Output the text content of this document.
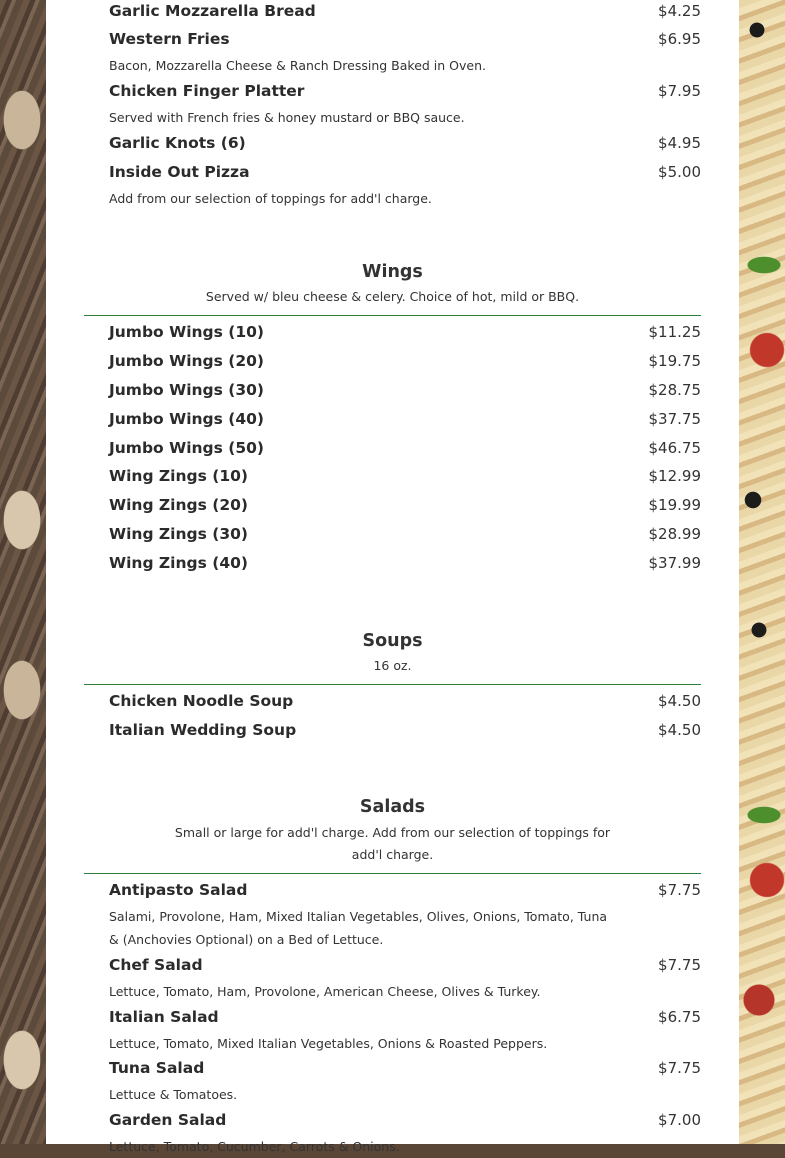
Garlic Mozzarella Bread	$4.25
Western Fries	$6.95
Bacon, Mozzarella Cheese & Ranch Dressing Baked in Oven.
Chicken Finger Platter	$7.95
Served with French fries & honey mustard or BBQ sauce.
Garlic Knots (6)	$4.95
Inside Out Pizza	$5.00
Add from our selection of toppings for add'l charge.
Wings
Served w/ bleu cheese & celery. Choice of hot, mild or BBQ.
Jumbo Wings (10)	$11.25
Jumbo Wings (20)	$19.75
Jumbo Wings (30)	$28.75
Jumbo Wings (40)	$37.75
Jumbo Wings (50)	$46.75
Wing Zings (10)	$12.99
Wing Zings (20)	$19.99
Wing Zings (30)	$28.99
Wing Zings (40)	$37.99
Soups
16 oz.
Chicken Noodle Soup	$4.50
Italian Wedding Soup	$4.50
Salads
Small or large for add'l charge. Add from our selection of toppings for add'l charge.
Antipasto Salad	$7.75
Salami, Provolone, Ham, Mixed Italian Vegetables, Olives, Onions, Tomato, Tuna & (Anchovies Optional) on a Bed of Lettuce.
Chef Salad	$7.75
Lettuce, Tomato, Ham, Provolone, American Cheese, Olives & Turkey.
Italian Salad	$6.75
Lettuce, Tomato, Mixed Italian Vegetables, Onions & Roasted Peppers.
Tuna Salad	$7.75
Lettuce & Tomatoes.
Garden Salad	$7.00
Lettuce, Tomato, Cucumber, Carrots & Onions.
